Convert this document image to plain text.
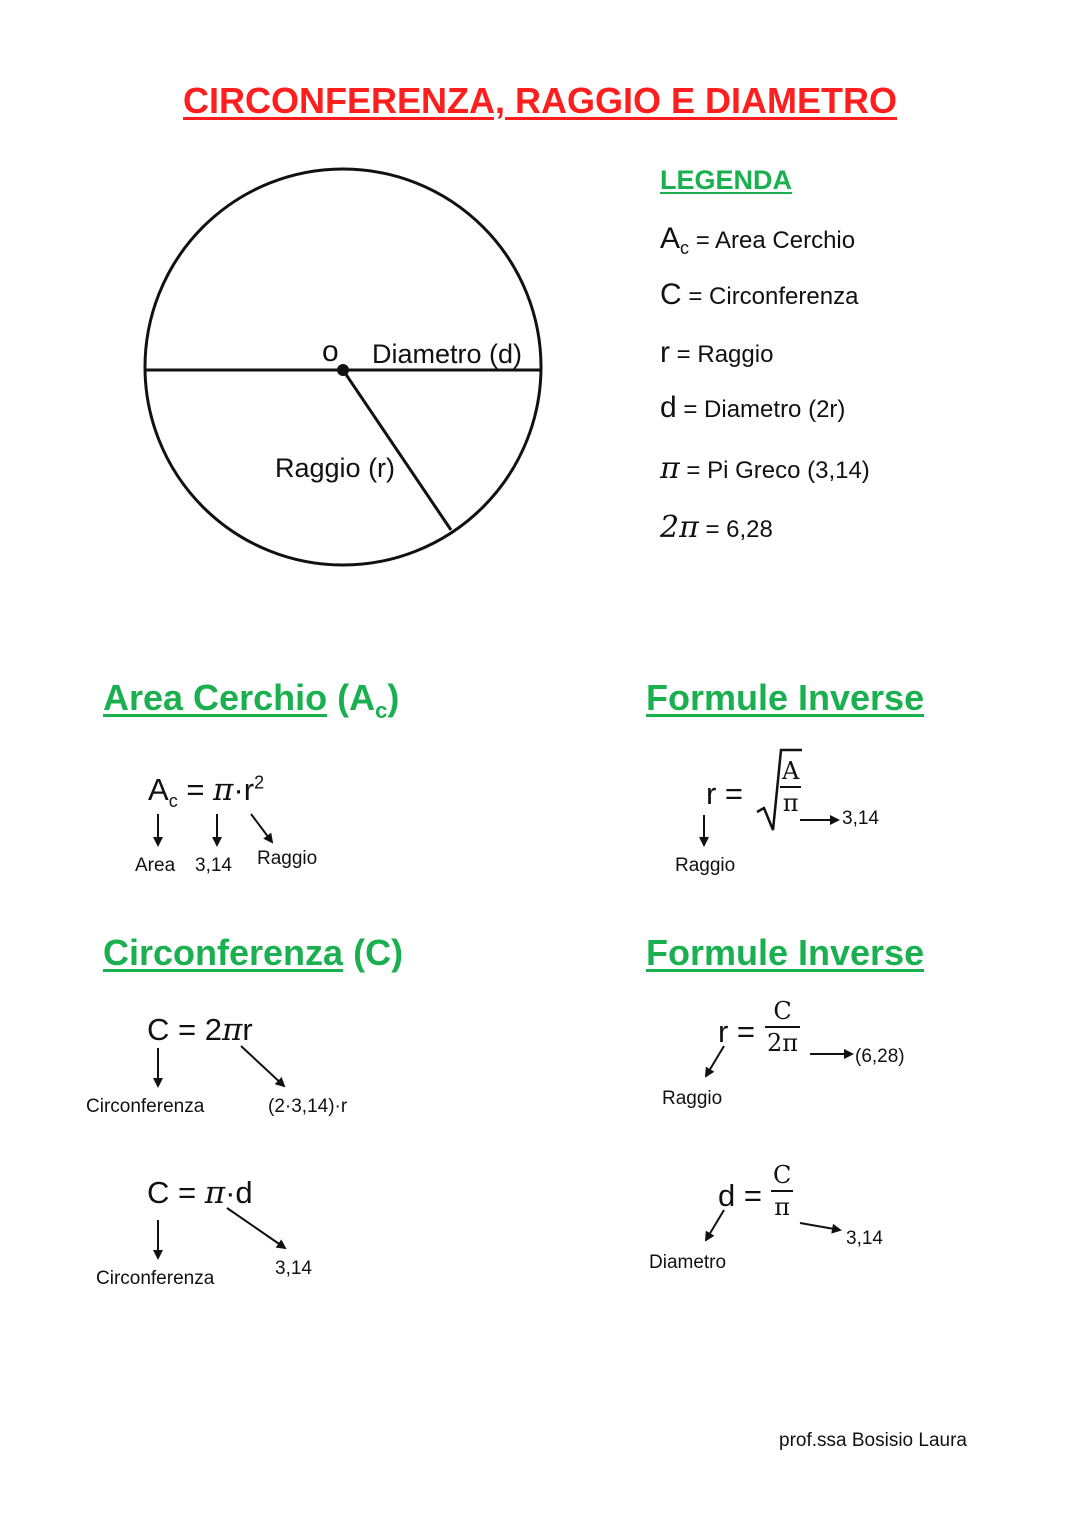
CIRCONFERENZA, RAGGIO E DIAMETRO
o Diametro (d)
Raggio (r)
LEGENDA
$A_c$ = Area Cerchio
C = Circonferenza
r = Raggio
d = Diametro (2r)
π = Pi Greco (3,14)
2π = 6,28
Area Cerchio $(A_c)$
$A_c = \pi\cdot r^2$
Area 3,14 Raggio
Formule Inverse
$r = \frac{A}{\pi}$
3,14
Raggio
Circonferenza (C)
C = 2πr
Circonferenza	(2·3,14)·r
C = π·d
Circonferenza	3,14
Formule Inverse
$r = \frac{C}{2\pi}$	(6,28)
Raggio
$d = \frac{C}{\pi}$
3,14
Diametro
prof.ssa Bosisio Laura
